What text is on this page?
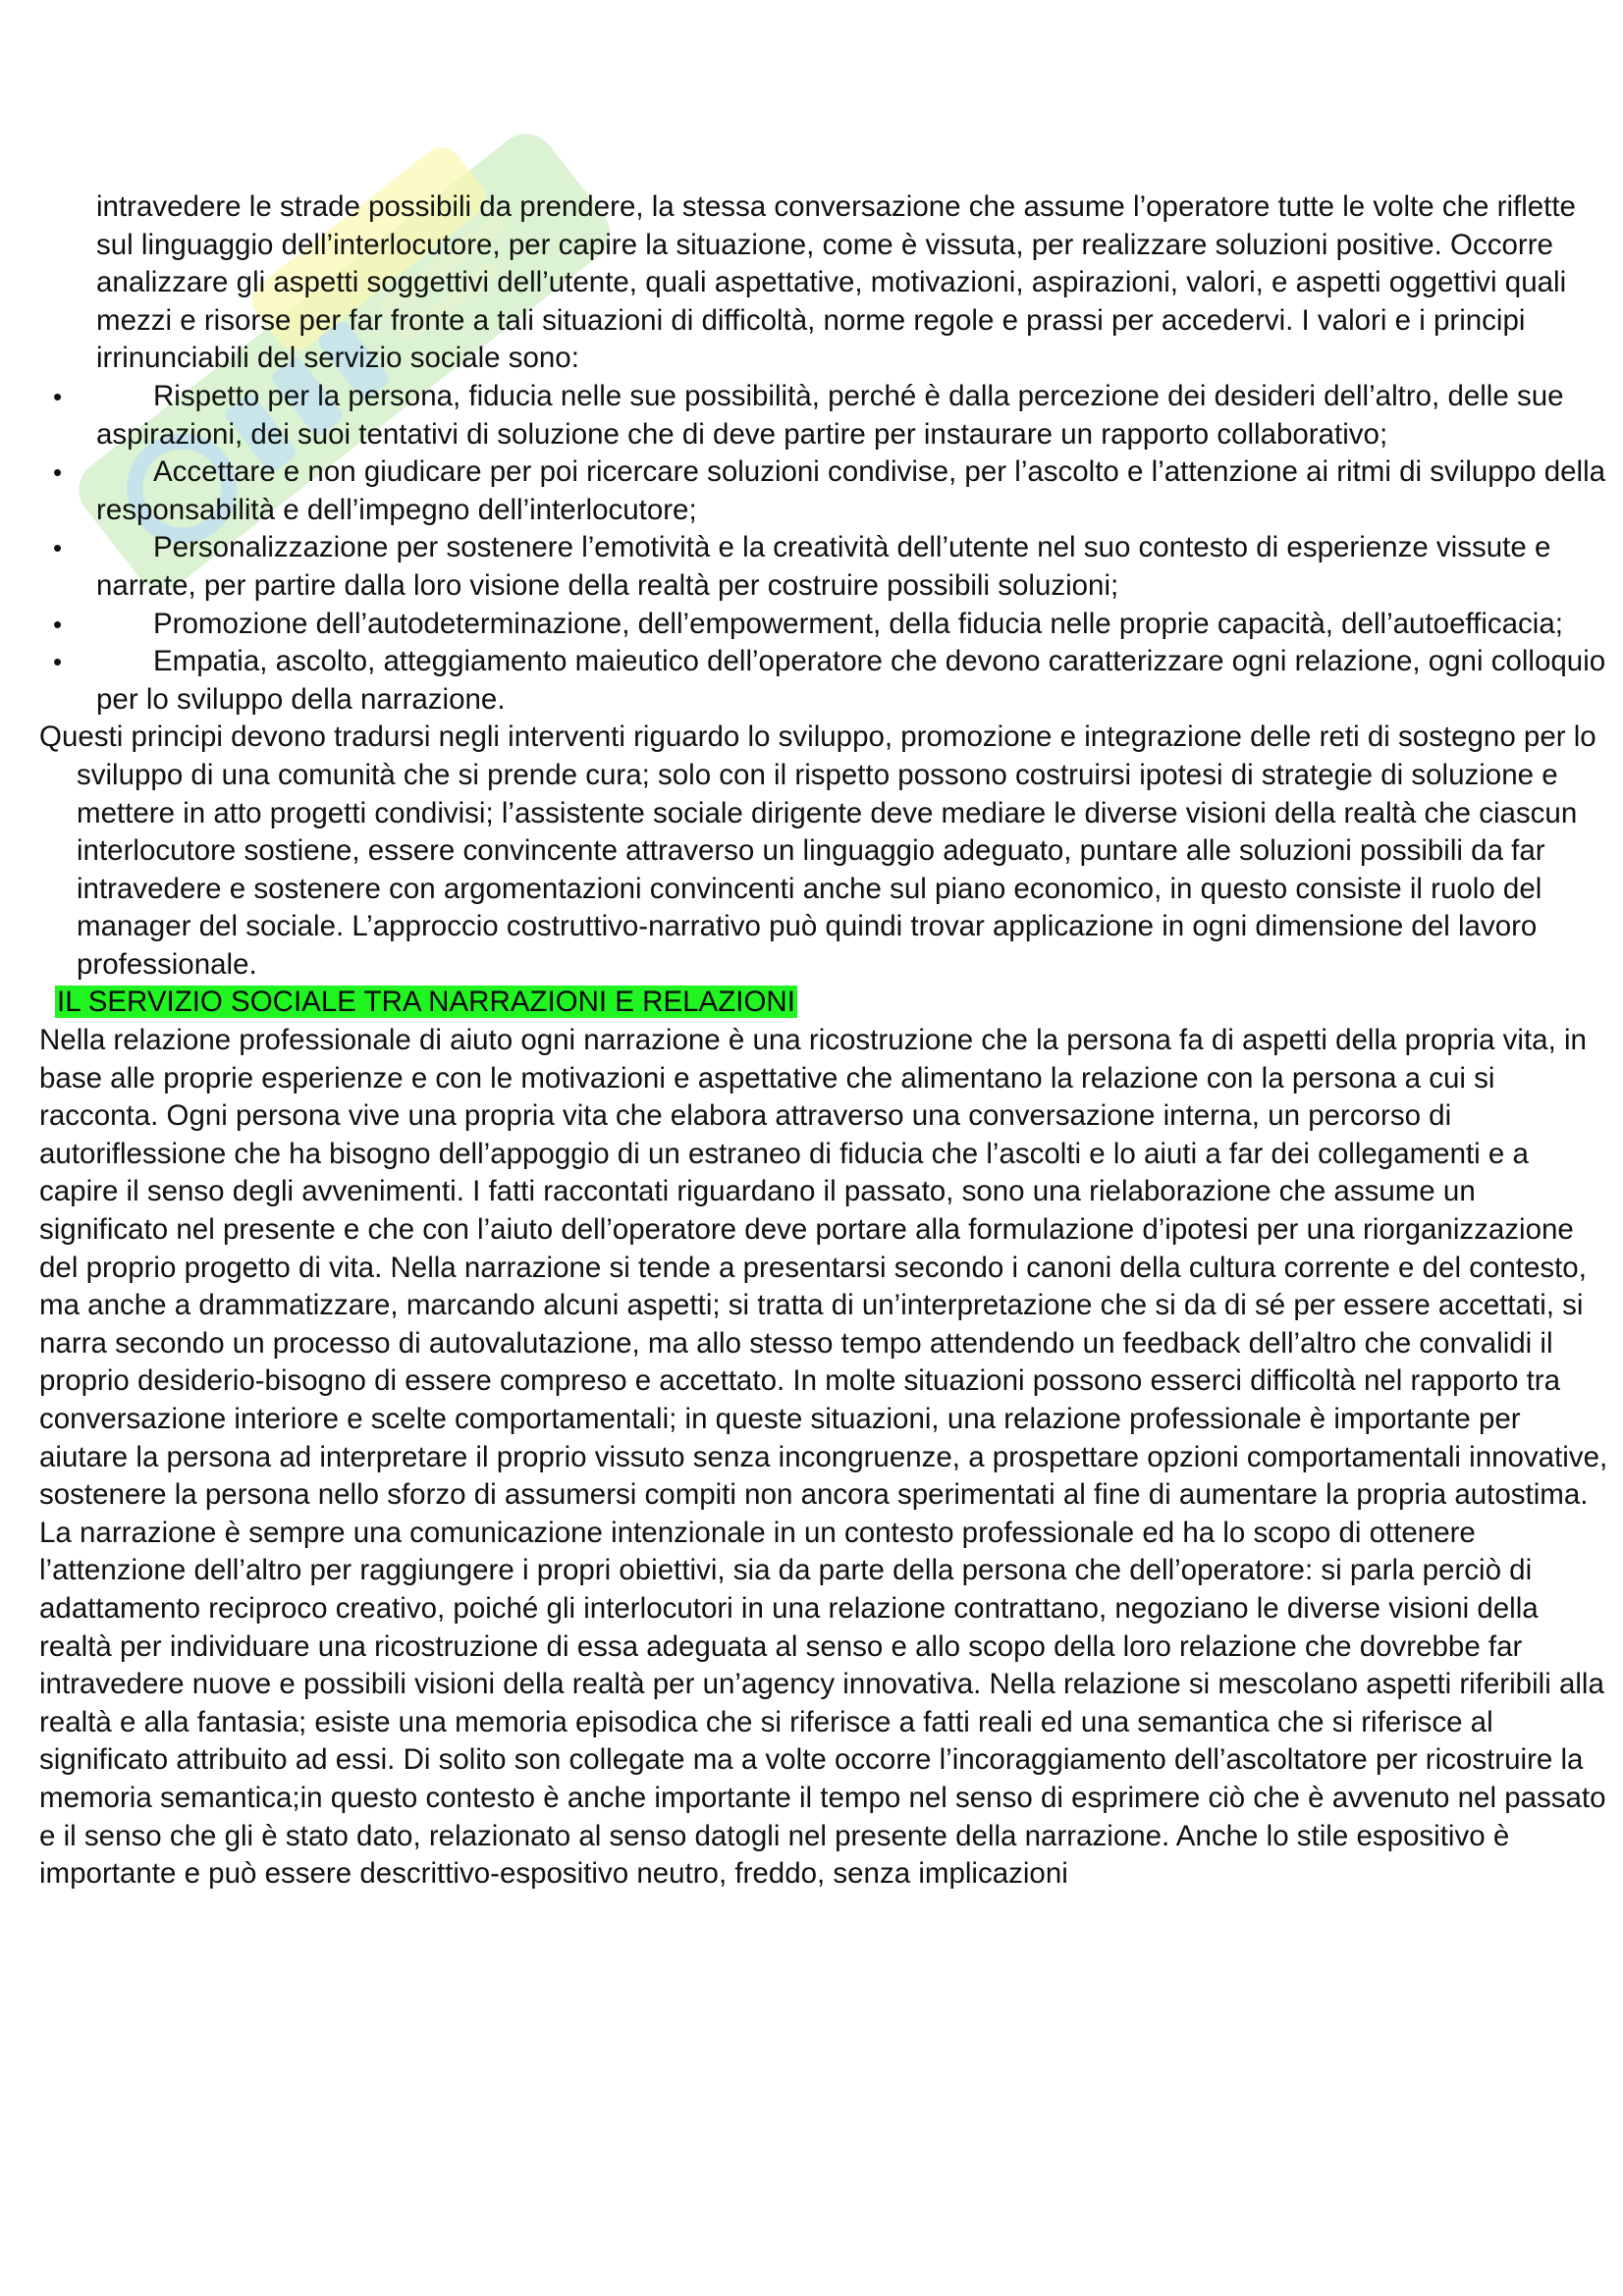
intravedere le strade possibili da prendere, la stessa conversazione che assume l’operatore tutte le volte che riflette sul linguaggio dell’interlocutore, per capire la situazione, come è vissuta, per realizzare soluzioni positive. Occorre analizzare gli aspetti soggettivi dell’utente, quali aspettative, motivazioni, aspirazioni, valori, e aspetti oggettivi quali mezzi e risorse per far fronte a tali situazioni di difficoltà, norme regole e prassi per accedervi. I valori e i principi irrinunciabili del servizio sociale sono:

•	Rispetto per la persona, fiducia nelle sue possibilità, perché è dalla percezione dei desideri dell’altro, delle sue aspirazioni, dei suoi tentativi di soluzione che di deve partire per instaurare un rapporto collaborativo;
•	Accettare e non giudicare per poi ricercare soluzioni condivise, per l’ascolto e l’attenzione ai ritmi di sviluppo della responsabilità e dell’impegno dell’interlocutore;
•	Personalizzazione per sostenere l’emotività e la creatività dell’utente nel suo contesto di esperienze vissute e narrate, per partire dalla loro visione della realtà per costruire possibili soluzioni;
•	Promozione dell’autodeterminazione, dell’empowerment, della fiducia nelle proprie capacità, dell’autoefficacia;
•	Empatia, ascolto, atteggiamento maieutico dell’operatore che devono caratterizzare ogni relazione, ogni colloquio per lo sviluppo della narrazione.

Questi principi devono tradursi negli interventi riguardo lo sviluppo, promozione e integrazione delle reti di sostegno per lo sviluppo di una comunità che si prende cura; solo con il rispetto possono costruirsi ipotesi di strategie di soluzione e mettere in atto progetti condivisi; l’assistente sociale dirigente deve mediare le diverse visioni della realtà che ciascun interlocutore sostiene, essere convincente attraverso un linguaggio adeguato, puntare alle soluzioni possibili da far intravedere e sostenere con argomentazioni convincenti anche sul piano economico, in questo consiste il ruolo del manager del sociale. L’approccio costruttivo-narrativo può quindi trovar applicazione in ogni dimensione del lavoro professionale.

IL SERVIZIO SOCIALE TRA NARRAZIONI E RELAZIONI

Nella relazione professionale di aiuto ogni narrazione è una ricostruzione che la persona fa di aspetti della propria vita, in base alle proprie esperienze e con le motivazioni e aspettative che alimentano la relazione con la persona a cui si racconta. Ogni persona vive una propria vita che elabora attraverso una conversazione interna, un percorso di autoriflessione che ha bisogno dell’appoggio di un estraneo di fiducia che l’ascolti e lo aiuti a far dei collegamenti e a capire il senso degli avvenimenti. I fatti raccontati riguardano il passato, sono una rielaborazione che assume un significato nel presente e che con l’aiuto dell’operatore deve portare alla formulazione d’ipotesi per una riorganizzazione del proprio progetto di vita. Nella narrazione si tende a presentarsi secondo i canoni della cultura corrente e del contesto, ma anche a drammatizzare, marcando alcuni aspetti; si tratta di un’interpretazione che si da di sé per essere accettati, si narra secondo un processo di autovalutazione, ma allo stesso tempo attendendo un feedback dell’altro che convalidi il proprio desiderio-bisogno di essere compreso e accettato. In molte situazioni possono esserci difficoltà nel rapporto tra conversazione interiore e scelte comportamentali; in queste situazioni, una relazione professionale è importante per aiutare la persona ad interpretare il proprio vissuto senza incongruenze, a prospettare opzioni comportamentali innovative, sostenere la persona nello sforzo di assumersi compiti non ancora sperimentati al fine di aumentare la propria autostima. La narrazione è sempre una comunicazione intenzionale in un contesto professionale ed ha lo scopo di ottenere l’attenzione dell’altro per raggiungere i propri obiettivi, sia da parte della persona che dell’operatore: si parla perciò di adattamento reciproco creativo, poiché gli interlocutori in una relazione contrattano, negoziano le diverse visioni della realtà per individuare una ricostruzione di essa adeguata al senso e allo scopo della loro relazione che dovrebbe far intravedere nuove e possibili visioni della realtà per un’agency innovativa. Nella relazione si mescolano aspetti riferibili alla realtà e alla fantasia; esiste una memoria episodica che si riferisce a fatti reali ed una semantica che si riferisce al significato attribuito ad essi. Di solito son collegate ma a volte occorre l’incoraggiamento dell’ascoltatore per ricostruire la memoria semantica;in questo contesto è anche importante il tempo nel senso di esprimere ciò che è avvenuto nel passato e il senso che gli è stato dato, relazionato al senso datogli nel presente della narrazione. Anche lo stile espositivo è importante e può essere descrittivo-espositivo neutro, freddo, senza implicazioni
